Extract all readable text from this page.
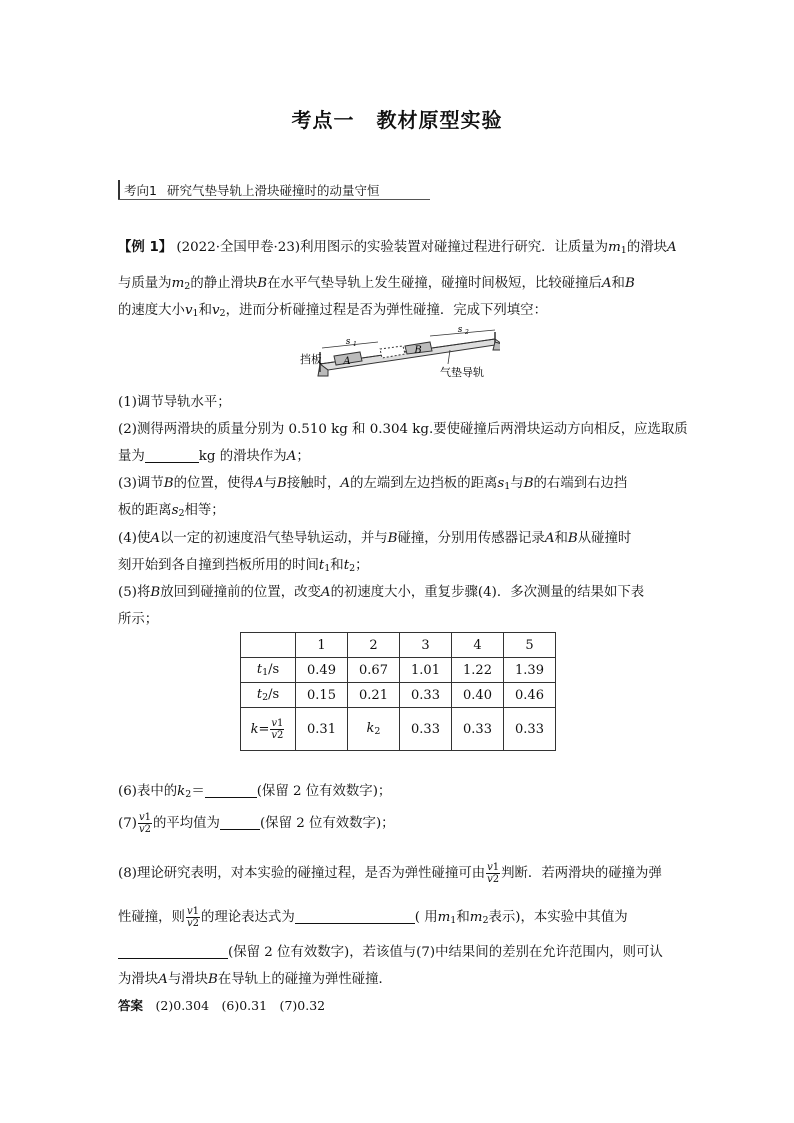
考点一 教材原型实验
考向1 研究气垫导轨上滑块碰撞时的动量守恒
【例 1】 (2022·全国甲卷·23)利用图示的实验装置对碰撞过程进行研究．让质量为$m_1$的滑块A
与质量为$m_2$的静止滑块B在水平气垫导轨上发生碰撞，碰撞时间极短，比较碰撞后A和B
的速度大小$v_1$和$v_2$，进而分析碰撞过程是否为弹性碰撞．完成下列填空：
A
B
s 1
s 2
挡板
气垫导轨
(1)调节导轨水平；
(2)测得两滑块的质量分别为 0.510 kg 和 0.304 kg.要使碰撞后两滑块运动方向相反，应选取质
量为	kg 的滑块作为A；
(3)调节B的位置，使得A与B接触时，A的左端到左边挡板的距离$s_1$与B的右端到右边挡
板的距离$s_2$相等；
(4)使A以一定的初速度沿气垫导轨运动，并与B碰撞，分别用传感器记录A和B从碰撞时
刻开始到各自撞到挡板所用的时间$t_1$和$t_2$；
(5)将B放回到碰撞前的位置，改变A的初速度大小，重复步骤(4)．多次测量的结果如下表
所示；
	1	2	3	4	5
$t_1/s$	0.49	0.67	1.01	1.22	1.39
$t_2/s$	0.15	0.21	0.33	0.40	0.46
$k= \frac{v1}{v2}$	0.31	$k_2$	0.33	0.33	0.33
(6)表中的$k_2=$	(保留 2 位有效数字)；
$(7) \frac{v1}{v2}$ 的平均值为	(保留 2 位有效数字)；
(8)理论研究表明，对本实验的碰撞过程，是否为弹性碰撞可由 $\frac{v1}{v2}$ 判断．若两滑块的碰撞为弹
性碰撞，则 $\frac{v1}{v2}$ 的理论表达式为	( 用$m_1$和$m_2$表示)，本实验中其值为
(保留 2 位有效数字)，若该值与(7)中结果间的差别在允许范围内，则可认
为滑块A与滑块B在导轨上的碰撞为弹性碰撞．
答案　 (2)0.304　(6)0.31　(7)0.32
